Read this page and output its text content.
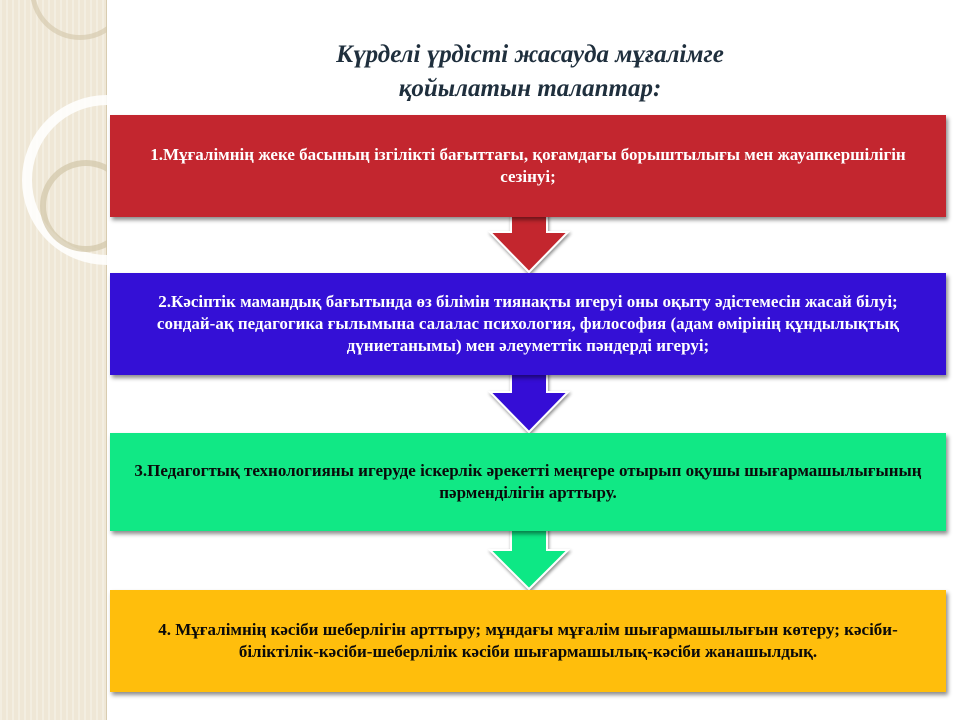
Күрделі үрдісті жасауда мұғалімге
қойылатын талаптар:
1.Мұғалімнің жеке басының ізгілікті бағыттағы, қоғамдағы борыштылығы мен жауапкершілігін сезінуі;
2.Кәсіптік мамандық бағытында өз білімін тиянақты игеруі оны оқыту әдістемесін жасай білуі; сондай-ақ педагогика ғылымына салалас психология, философия (адам өмірінің құндылықтық дүниетанымы) мен әлеуметтік пәндерді игеруі;
3.Педагогтық технологияны игеруде іскерлік әрекетті меңгере отырып оқушы шығармашылығының пәрменділігін арттыру.
4. Мұғалімнің кәсіби шеберлігін арттыру; мұндағы мұғалім шығармашылығын көтеру; кәсіби-біліктілік-кәсіби-шеберлілік кәсіби шығармашылық-кәсіби жанашылдық.
